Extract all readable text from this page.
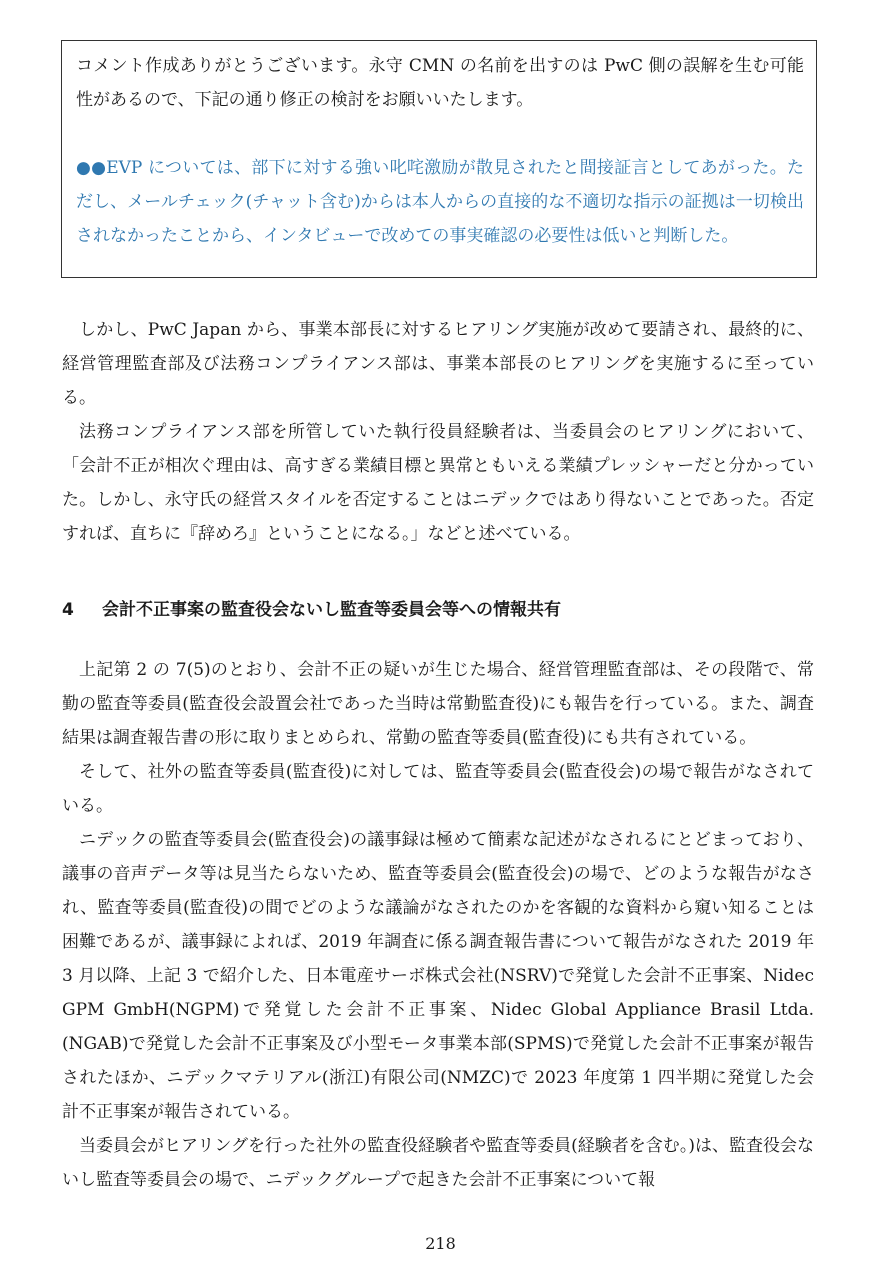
コメント作成ありがとうございます。永守 CMN の名前を出すのは PwC 側の誤解を生む可能性があるので、下記の通り修正の検討をお願いいたします。

●●EVP については、部下に対する強い叱咤激励が散見されたと間接証言としてあがった。ただし、メールチェック(チャット含む)からは本人からの直接的な不適切な指示の証拠は一切検出されなかったことから、インタビューで改めての事実確認の必要性は低いと判断した。

しかし、PwC Japan から、事業本部長に対するヒアリング実施が改めて要請され、最終的に、経営管理監査部及び法務コンプライアンス部は、事業本部長のヒアリングを実施するに至っている。

法務コンプライアンス部を所管していた執行役員経験者は、当委員会のヒアリングにおいて、「会計不正が相次ぐ理由は、高すぎる業績目標と異常ともいえる業績プレッシャーだと分かっていた。しかし、永守氏の経営スタイルを否定することはニデックではあり得ないことであった。否定すれば、直ちに『辞めろ』ということになる。」などと述べている。

4 会計不正事案の監査役会ないし監査等委員会等への情報共有

上記第 2 の 7(5)のとおり、会計不正の疑いが生じた場合、経営管理監査部は、その段階で、常勤の監査等委員(監査役会設置会社であった当時は常勤監査役)にも報告を行っている。また、調査結果は調査報告書の形に取りまとめられ、常勤の監査等委員(監査役)にも共有されている。

そして、社外の監査等委員(監査役)に対しては、監査等委員会(監査役会)の場で報告がなされている。

ニデックの監査等委員会(監査役会)の議事録は極めて簡素な記述がなされるにとどまっており、議事の音声データ等は見当たらないため、監査等委員会(監査役会)の場で、どのような報告がなされ、監査等委員(監査役)の間でどのような議論がなされたのかを客観的な資料から窺い知ることは困難であるが、議事録によれば、2019 年調査に係る調査報告書について報告がなされた 2019 年 3 月以降、上記 3 で紹介した、日本電産サーボ株式会社(NSRV)で発覚した会計不正事案、Nidec GPM GmbH(NGPM)で発覚した会計不正事案、Nidec Global Appliance Brasil Ltda.(NGAB)で発覚した会計不正事案及び小型モータ事業本部(SPMS)で発覚した会計不正事案が報告されたほか、ニデックマテリアル(浙江)有限公司(NMZC)で 2023 年度第 1 四半期に発覚した会計不正事案が報告されている。

当委員会がヒアリングを行った社外の監査役経験者や監査等委員(経験者を含む。)は、監査役会ないし監査等委員会の場で、ニデックグループで起きた会計不正事案について報

218
